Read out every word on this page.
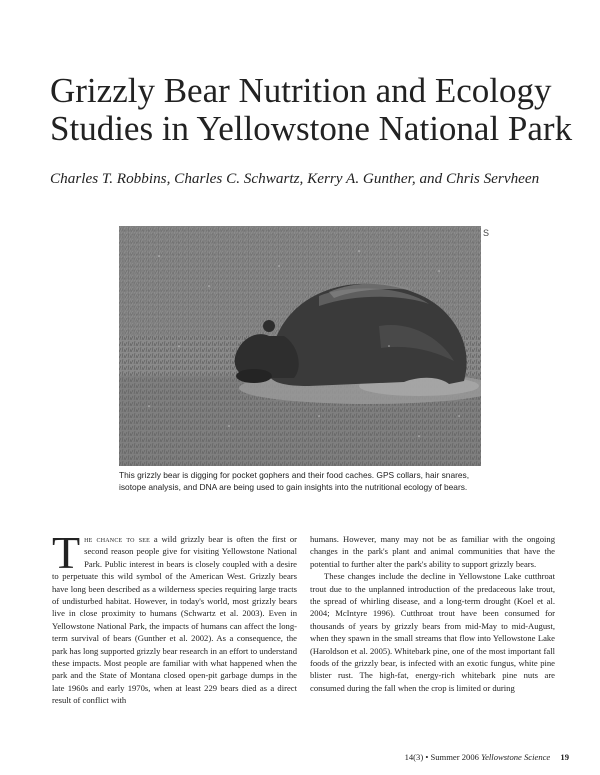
Grizzly Bear Nutrition and Ecology
Studies in Yellowstone National Park
Charles T. Robbins, Charles C. Schwartz, Kerry A. Gunther, and Chris Servheen
S
This grizzly bear is digging for pocket gophers and their food caches. GPS collars, hair snares, isotope analysis, and DNA are being used to gain insights into the nutritional ecology of bears.

The chance to see a wild grizzly bear is often the first or second reason people give for visiting Yellowstone National Park. Public interest in bears is closely coupled with a desire to perpetuate this wild symbol of the American West. Grizzly bears have long been described as a wilderness species requiring large tracts of undisturbed habitat. However, in today's world, most grizzly bears live in close proximity to humans (Schwartz et al. 2003). Even in Yellowstone National Park, the impacts of humans can affect the long-term survival of bears (Gunther et al. 2002). As a consequence, the park has long supported grizzly bear research in an effort to understand these impacts. Most people are familiar with what happened when the park and the State of Montana closed open-pit garbage dumps in the late 1960s and early 1970s, when at least 229 bears died as a direct result of conflict with

humans. However, many may not be as familiar with the ongoing changes in the park's plant and animal communities that have the potential to further alter the park's ability to support grizzly bears.

These changes include the decline in Yellowstone Lake cutthroat trout due to the unplanned introduction of the predaceous lake trout, the spread of whirling disease, and a long-term drought (Koel et al. 2004; McIntyre 1996). Cutthroat trout have been consumed for thousands of years by grizzly bears from mid-May to mid-August, when they spawn in the small streams that flow into Yellowstone Lake (Haroldson et al. 2005). Whitebark pine, one of the most important fall foods of the grizzly bear, is infected with an exotic fungus, white pine blister rust. The high-fat, energy-rich whitebark pine nuts are consumed during the fall when the crop is limited or during

14(3) • Summer 2006 Yellowstone Science 19
